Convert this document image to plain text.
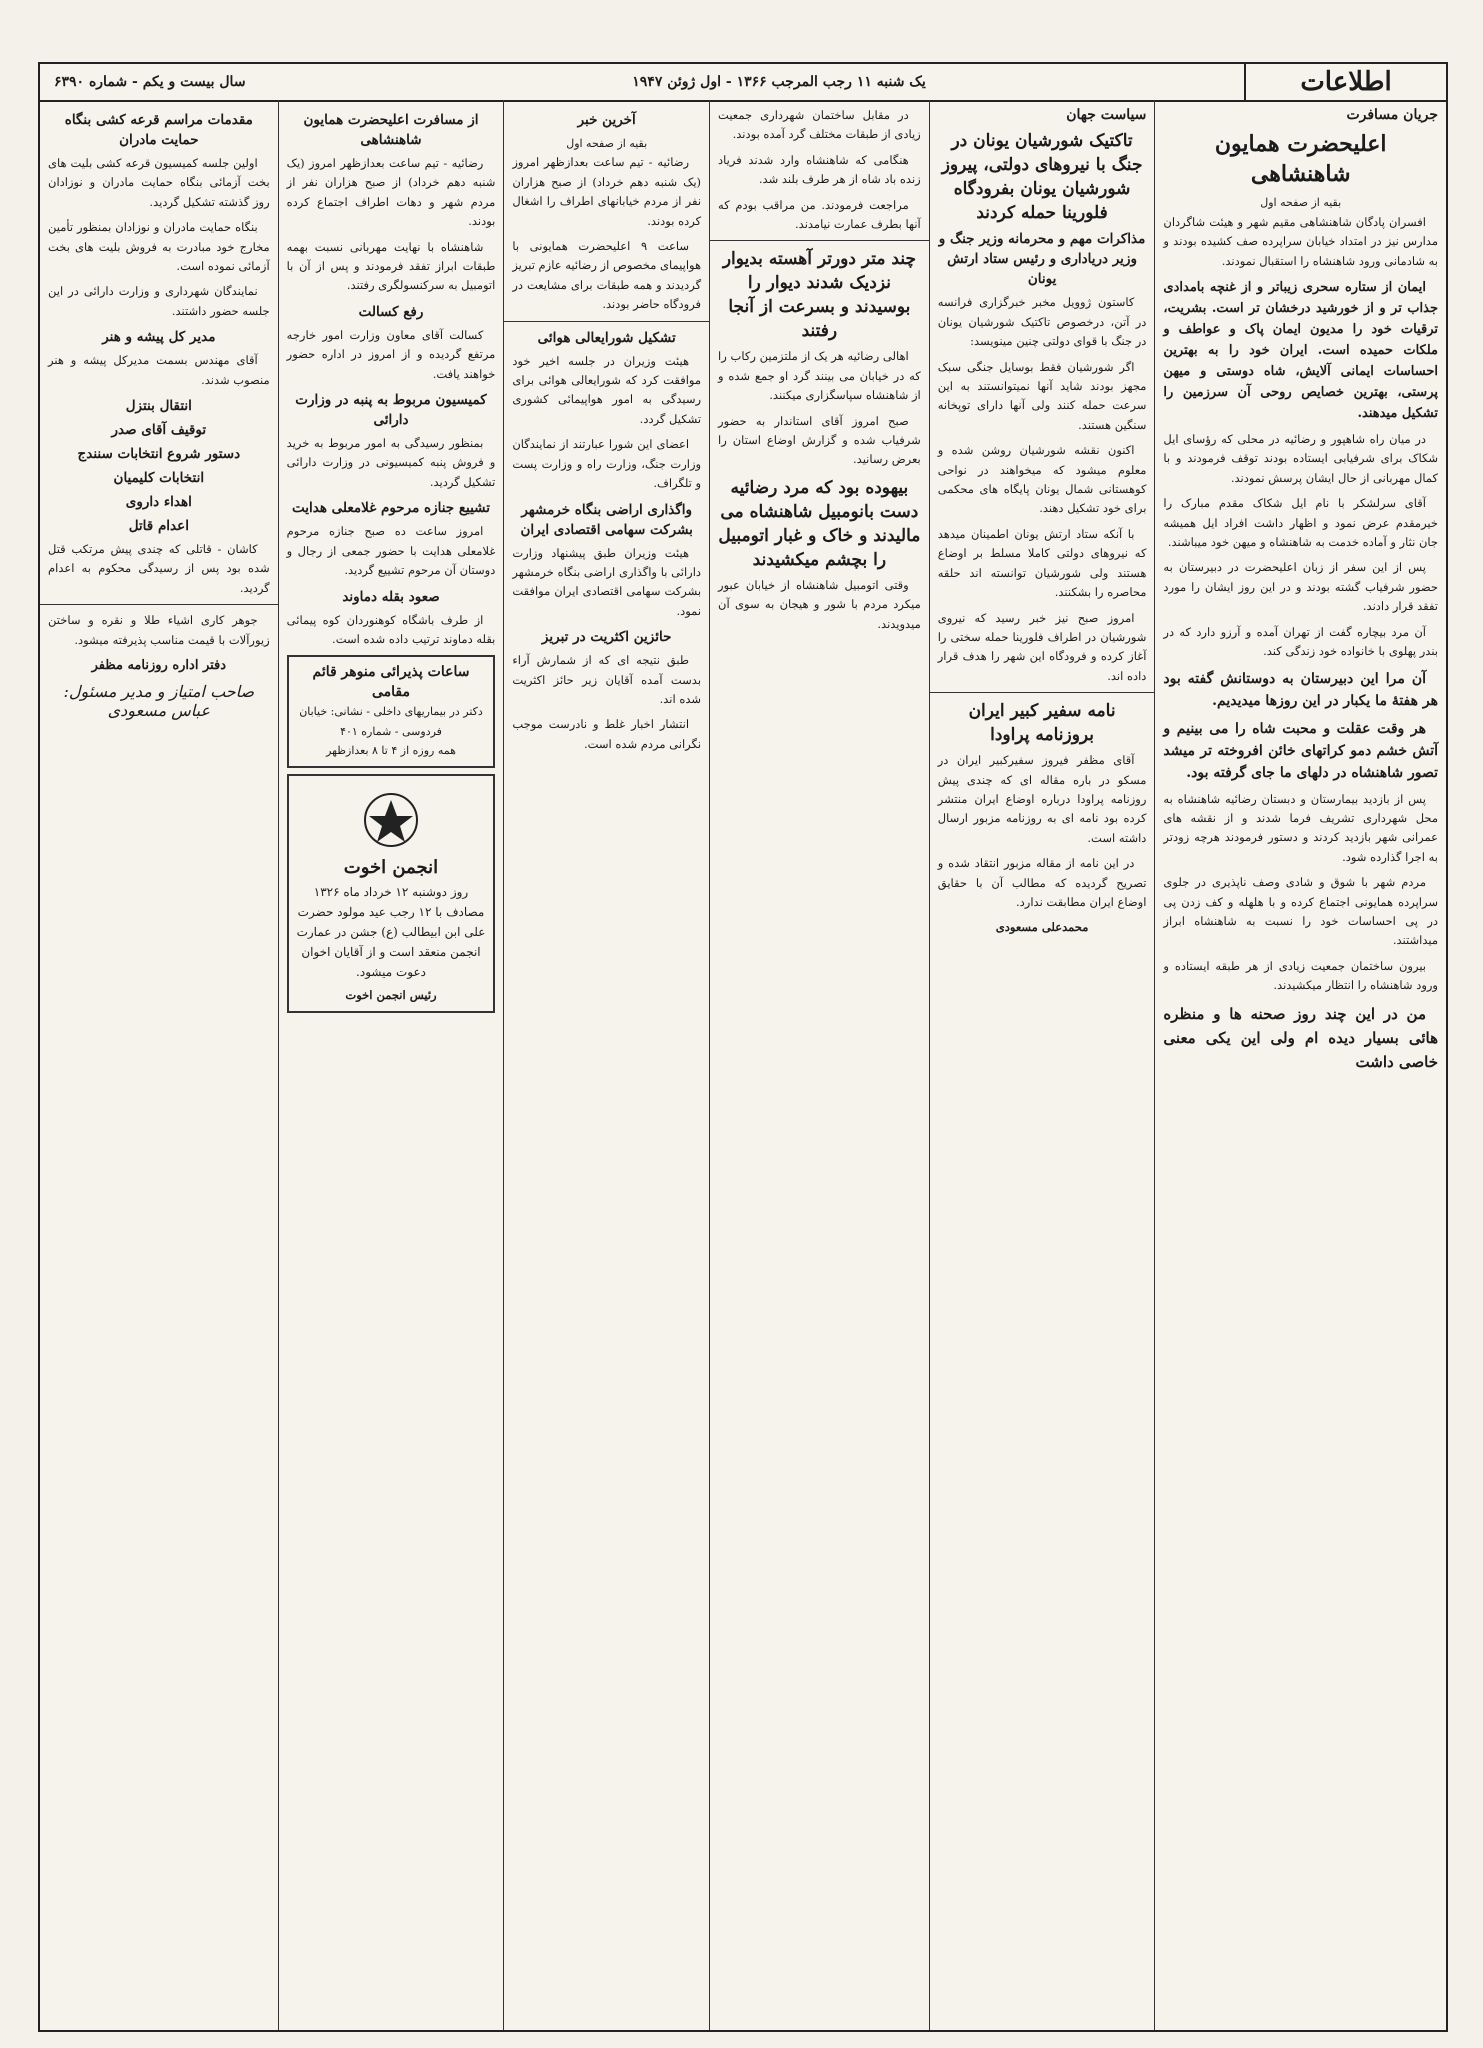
اطلاعات
یک شنبه ۱۱ رجب المرجب ۱۳۶۶ - اول ژوئن ۱۹۴۷
سال بیست و یکم - شماره ۶۳۹۰
جریان مسافرت
اعلیحضرت همایون شاهنشاهی
بقیه از صفحه اول

افسران پادگان شاهنشاهی مقیم شهر و هیئت شاگردان مدارس نیز در امتداد خیابان سراپرده صف کشیده بودند و به شادمانی ورود شاهنشاه را استقبال نمودند.

ایمان از ستاره سحری زیباتر و از غنچه بامدادی جذاب تر و از خورشید درخشان تر است. بشریت، ترقیات خود را مدیون ایمان پاک و عواطف و ملکات حمیده است. ایران خود را به بهترین احساسات ایمانی آلایش، شاه دوستی و میهن پرستی، بهترین خصایص روحی آن سرزمین را تشکیل میدهند.

در میان راه شاهپور و رضائیه در محلی که رؤسای ایل شکاک برای شرفیابی ایستاده بودند توقف فرمودند و با کمال مهربانی از حال ایشان پرسش نمودند.

آقای سرلشکر با نام ایل شکاک مقدم مبارک را خیرمقدم عرض نمود و اظهار داشت افراد ایل همیشه جان نثار و آماده خدمت به شاهنشاه و میهن خود میباشند.

پس از این سفر از زبان اعلیحضرت در دبیرستان به حضور شرفیاب گشته بودند و در این روز ایشان را مورد تفقد قرار دادند.

آن مرد بیچاره گفت از تهران آمده و آرزو دارد که در بندر پهلوی با خانواده خود زندگی کند.

آن مرا این دبیرستان به دوستانش گفته بود هر هفتۀ ما یکبار در این روزها میدیدیم.

هر وقت عقلت و محبت شاه را می بینیم و آتش خشم دمو کراتهای خائن افروخته تر میشد تصور شاهنشاه در دلهای ما جای گرفته بود.

پس از بازدید بیمارستان و دبستان رضائیه شاهنشاه به محل شهرداری تشریف فرما شدند و از نقشه های عمرانی شهر بازدید کردند و دستور فرمودند هرچه زودتر به اجرا گذارده شود.

مردم شهر با شوق و شادی وصف ناپذیری در جلوی سراپرده همایونی اجتماع کرده و با هلهله و کف زدن پی در پی احساسات خود را نسبت به شاهنشاه ابراز میداشتند.

بیرون ساختمان جمعیت زیادی از هر طبقه ایستاده و ورود شاهنشاه را انتظار میکشیدند.

من در این چند روز صحنه ها و منظره هائی بسیار دیده ام ولی این یکی معنی خاصی داشت

سیاست جهان
تاکتیک شورشیان یونان در جنگ با نیروهای دولتی، پیروز شورشیان یونان بفرودگاه فلورینا حمله کردند
مذاکرات مهم و محرمانه وزیر جنگ و وزیر دریاداری و رئیس ستاد ارتش یونان

کاستون ژوویل مخبر خبرگزاری فرانسه در آتن، درخصوص تاکتیک شورشیان یونان در جنگ با قوای دولتی چنین مینویسد:

اگر شورشیان فقط بوسایل جنگی سبک مجهز بودند شاید آنها نمیتوانستند به این سرعت حمله کنند ولی آنها دارای توپخانه سنگین هستند.

اکنون نقشه شورشیان روشن شده و معلوم میشود که میخواهند در نواحی کوهستانی شمال یونان پایگاه های محکمی برای خود تشکیل دهند.

با آنکه ستاد ارتش یونان اطمینان میدهد که نیروهای دولتی کاملا مسلط بر اوضاع هستند ولی شورشیان توانسته اند حلقه محاصره را بشکنند.

امروز صبح نیز خبر رسید که نیروی شورشیان در اطراف فلورینا حمله سختی را آغاز کرده و فرودگاه این شهر را هدف قرار داده اند.

نامه سفیر کبیر ایران بروزنامه پراودا

آقای مظفر فیروز سفیرکبیر ایران در مسکو در باره مقاله ای که چندی پیش روزنامه پراودا درباره اوضاع ایران منتشر کرده بود نامه ای به روزنامه مزبور ارسال داشته است.

در این نامه از مقاله مزبور انتقاد شده و تصریح گردیده که مطالب آن با حقایق اوضاع ایران مطابقت ندارد.

محمدعلی مسعودی

در مقابل ساختمان شهرداری جمعیت زیادی از طبقات مختلف گرد آمده بودند.

هنگامی که شاهنشاه وارد شدند فریاد زنده باد شاه از هر طرف بلند شد.

مراجعت فرمودند. من مراقب بودم که آنها بطرف عمارت نیامدند.

چند متر دورتر آهسته بدیوار نزدیک شدند دیوار را بوسیدند و بسرعت از آنجا رفتند

اهالی رضائیه هر یک از ملتزمین رکاب را که در خیابان می بینند گرد او جمع شده و از شاهنشاه سپاسگزاری میکنند.

صبح امروز آقای استاندار به حضور شرفیاب شده و گزارش اوضاع استان را بعرض رسانید.

بیهوده بود که مرد رضائیه دست بانومبیل شاهنشاه می مالیدند و خاک و غبار اتومبیل را بچشم میکشیدند

وقتی اتومبیل شاهنشاه از خیابان عبور میکرد مردم با شور و هیجان به سوی آن میدویدند.

آخرین خبر
بقیه از صفحه اول

رضائیه - تیم ساعت بعدازظهر امروز (یک شنبه دهم خرداد) از صبح هزاران نفر از مردم خیابانهای اطراف را اشغال کرده بودند.

ساعت ۹ اعلیحضرت همایونی با هواپیمای مخصوص از رضائیه عازم تبریز گردیدند و همه طبقات برای مشایعت در فرودگاه حاضر بودند.

تشکیل شورایعالی هوائی

هیئت وزیران در جلسه اخیر خود موافقت کرد که شورایعالی هوائی برای رسیدگی به امور هواپیمائی کشوری تشکیل گردد.

اعضای این شورا عبارتند از نمایندگان وزارت جنگ، وزارت راه و وزارت پست و تلگراف.

واگذاری اراضی بنگاه خرمشهر بشرکت سهامی اقتصادی ایران

هیئت وزیران طبق پیشنهاد وزارت دارائی با واگذاری اراضی بنگاه خرمشهر بشرکت سهامی اقتصادی ایران موافقت نمود.

حائزین اکثریت در تبریز

طبق نتیجه ای که از شمارش آراء بدست آمده آقایان زیر حائز اکثریت شده اند.

انتشار اخبار غلط و نادرست موجب نگرانی مردم شده است.

از مسافرت اعلیحضرت همایون شاهنشاهی

رضائیه - تیم ساعت بعدازظهر امروز (یک شنبه دهم خرداد) از صبح هزاران نفر از مردم شهر و دهات اطراف اجتماع کرده بودند.

شاهنشاه با نهایت مهربانی نسبت بهمه طبقات ابراز تفقد فرمودند و پس از آن با اتومبیل به سرکنسولگری رفتند.

رفع کسالت

کسالت آقای معاون وزارت امور خارجه مرتفع گردیده و از امروز در اداره حضور خواهند یافت.

کمیسیون مربوط به پنبه در وزارت دارائی

بمنظور رسیدگی به امور مربوط به خرید و فروش پنبه کمیسیونی در وزارت دارائی تشکیل گردید.

تشییع جنازه مرحوم غلامعلی هدایت

امروز ساعت ده صبح جنازه مرحوم غلامعلی هدایت با حضور جمعی از رجال و دوستان آن مرحوم تشییع گردید.

صعود بقله دماوند

از طرف باشگاه کوهنوردان کوه پیمائی بقله دماوند ترتیب داده شده است.

ساعات پذیرائی منوهر قائم مقامی
دکتر در بیماریهای داخلی - نشانی: خیابان فردوسی - شماره ۴۰۱
همه روزه از ۴ تا ۸ بعدازظهر
انجمن اخوت
روز دوشنبه ۱۲ خرداد ماه ۱۳۲۶ مصادف با ۱۲ رجب عید مولود حضرت علی ابن ابیطالب (ع) جشن در عمارت انجمن منعقد است و از آقایان اخوان دعوت میشود.
رئیس انجمن اخوت
مقدمات مراسم قرعه کشی بنگاه حمایت مادران

اولین جلسه کمیسیون قرعه کشی بلیت های بخت آزمائی بنگاه حمایت مادران و نوزادان روز گذشته تشکیل گردید.

بنگاه حمایت مادران و نوزادان بمنظور تأمین مخارج خود مبادرت به فروش بلیت های بخت آزمائی نموده است.

نمایندگان شهرداری و وزارت دارائی در این جلسه حضور داشتند.

مدیر کل پیشه و هنر

آقای مهندس بسمت مدیرکل پیشه و هنر منصوب شدند.

انتقال بنتزل
توقیف آقای صدر
دستور شروع انتخابات سنندج
انتخابات کلیمیان
اهداء داروی
اعدام قاتل

کاشان - قاتلی که چندی پیش مرتکب قتل شده بود پس از رسیدگی محکوم به اعدام گردید.

جوهر کاری اشیاء طلا و نقره و ساختن زیورآلات با قیمت مناسب پذیرفته میشود.

دفتر اداره روزنامه مظفر
صاحب امتیاز و مدیر مسئول: عباس مسعودی
